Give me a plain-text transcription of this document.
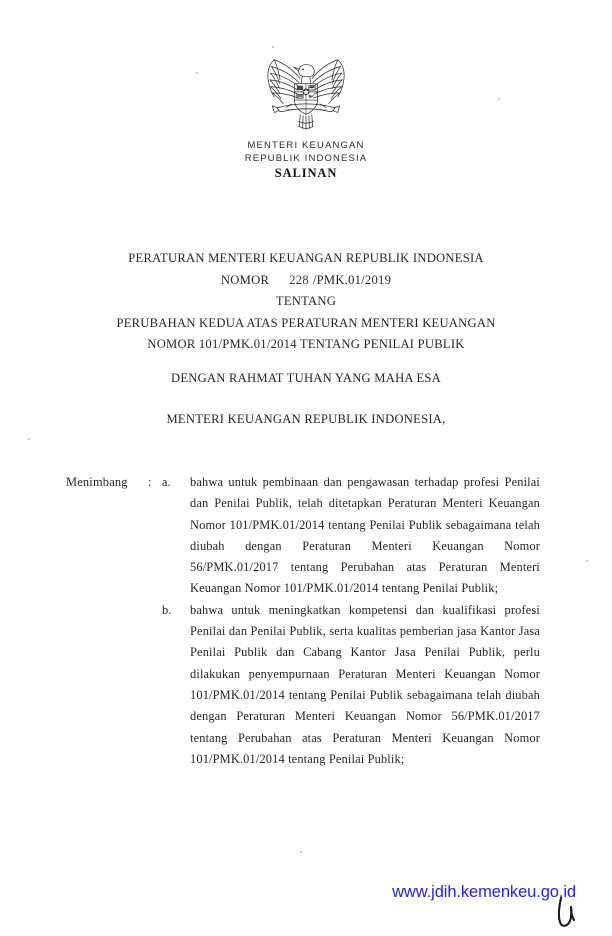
MENTERI KEUANGAN
REPUBLIK INDONESIA
SALINAN
PERATURAN MENTERI KEUANGAN REPUBLIK INDONESIA
NOMOR 228 /PMK.01/2019
TENTANG
PERUBAHAN KEDUA ATAS PERATURAN MENTERI KEUANGAN
NOMOR 101/PMK.01/2014 TENTANG PENILAI PUBLIK
DENGAN RAHMAT TUHAN YANG MAHA ESA
MENTERI KEUANGAN REPUBLIK INDONESIA,
Menimbang	: a.	bahwa untuk pembinaan dan pengawasan terhadap profesi Penilai dan Penilai Publik, telah ditetapkan Peraturan Menteri Keuangan Nomor 101/PMK.01/2014 tentang Penilai Publik sebagaimana telah diubah dengan Peraturan Menteri Keuangan Nomor 56/PMK.01/2017 tentang Perubahan atas Peraturan Menteri Keuangan Nomor 101/PMK.01/2014 tentang Penilai Publik;
b.	bahwa untuk meningkatkan kompetensi dan kualifikasi profesi Penilai dan Penilai Publik, serta kualitas pemberian jasa Kantor Jasa Penilai Publik dan Cabang Kantor Jasa Penilai Publik, perlu dilakukan penyempurnaan Peraturan Menteri Keuangan Nomor 101/PMK.01/2014 tentang Penilai Publik sebagaimana telah diubah dengan Peraturan Menteri Keuangan Nomor 56/PMK.01/2017 tentang Perubahan atas Peraturan Menteri Keuangan Nomor 101/PMK.01/2014 tentang Penilai Publik;
www.jdih.kemenkeu.go.id
